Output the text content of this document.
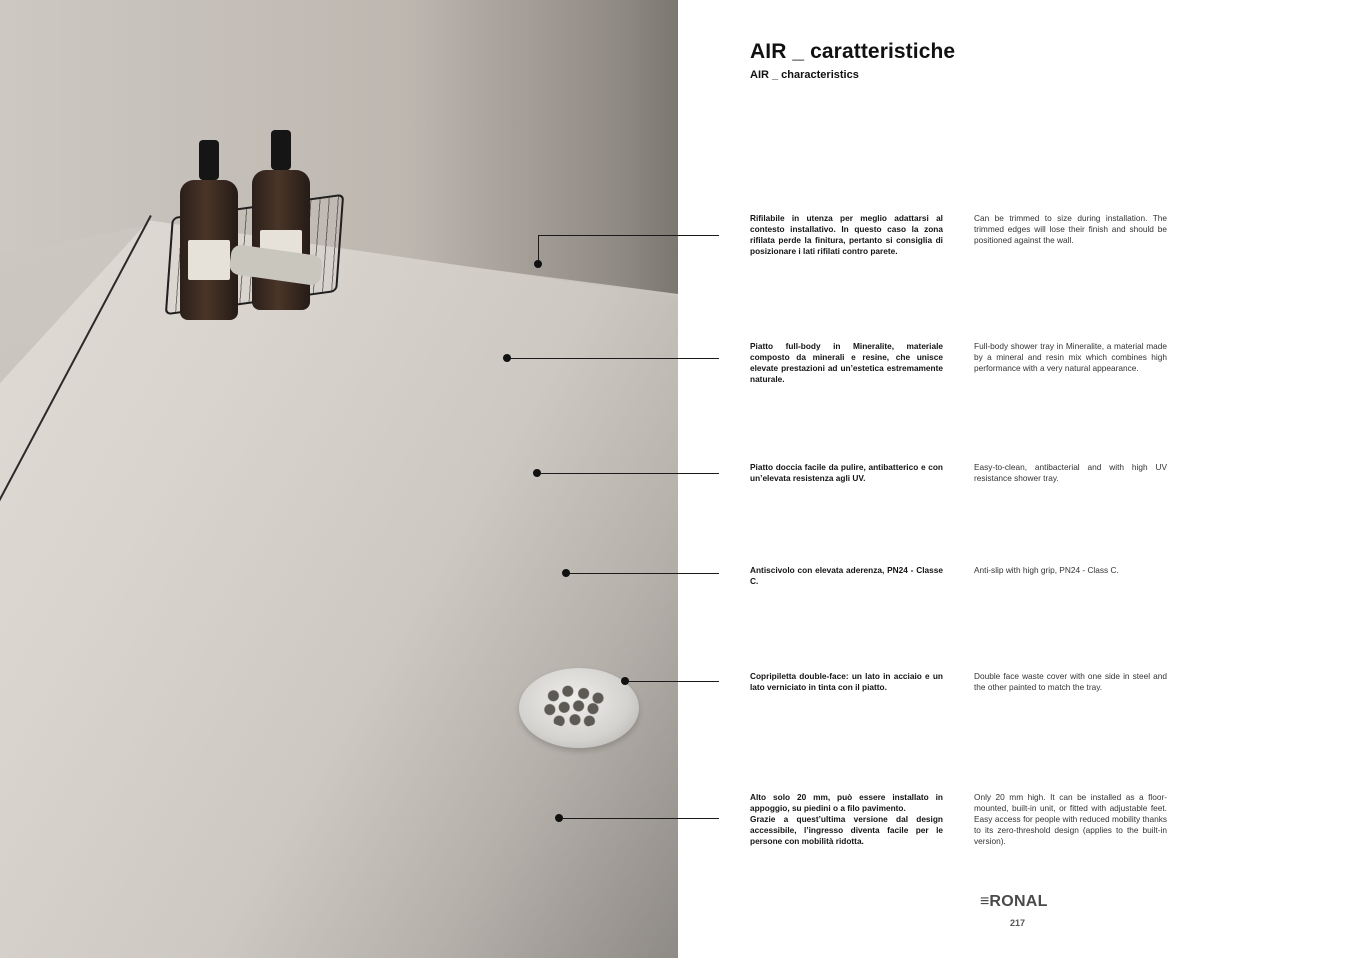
AIR _ caratteristiche

AIR _ characteristics

Rifilabile in utenza per meglio adattarsi al contesto installativo. In questo caso la zona rifilata perde la finitura, pertanto si consiglia di posizionare i lati rifilati contro parete.

Can be trimmed to size during installation. The trimmed edges will lose their finish and should be positioned against the wall.

Piatto full-body in Mineralite, materiale composto da minerali e resine, che unisce elevate prestazioni ad un’estetica estremamente naturale.

Full-body shower tray in Mineralite, a material made by a mineral and resin mix which combines high performance with a very natural appearance.

Piatto doccia facile da pulire, antibatterico e con un’elevata resistenza agli UV.

Easy-to-clean, antibacterial and with high UV resistance shower tray.

Antiscivolo con elevata aderenza, PN24 - Classe C.

Anti-slip with high grip, PN24 - Class C.

Copripiletta double-face: un lato in acciaio e un lato verniciato in tinta con il piatto.

Double face waste cover with one side in steel and the other painted to match the tray.

Alto solo 20 mm, può essere installato in appoggio, su piedini o a filo pavimento.
Grazie a quest’ultima versione dal design accessibile, l’ingresso diventa facile per le persone con mobilità ridotta.

Only 20 mm high. It can be installed as a floor-mounted, built-in unit, or fitted with adjustable feet. Easy access for people with reduced mobility thanks to its zero-threshold design (applies to the built-in version).

≡RONAL
217
